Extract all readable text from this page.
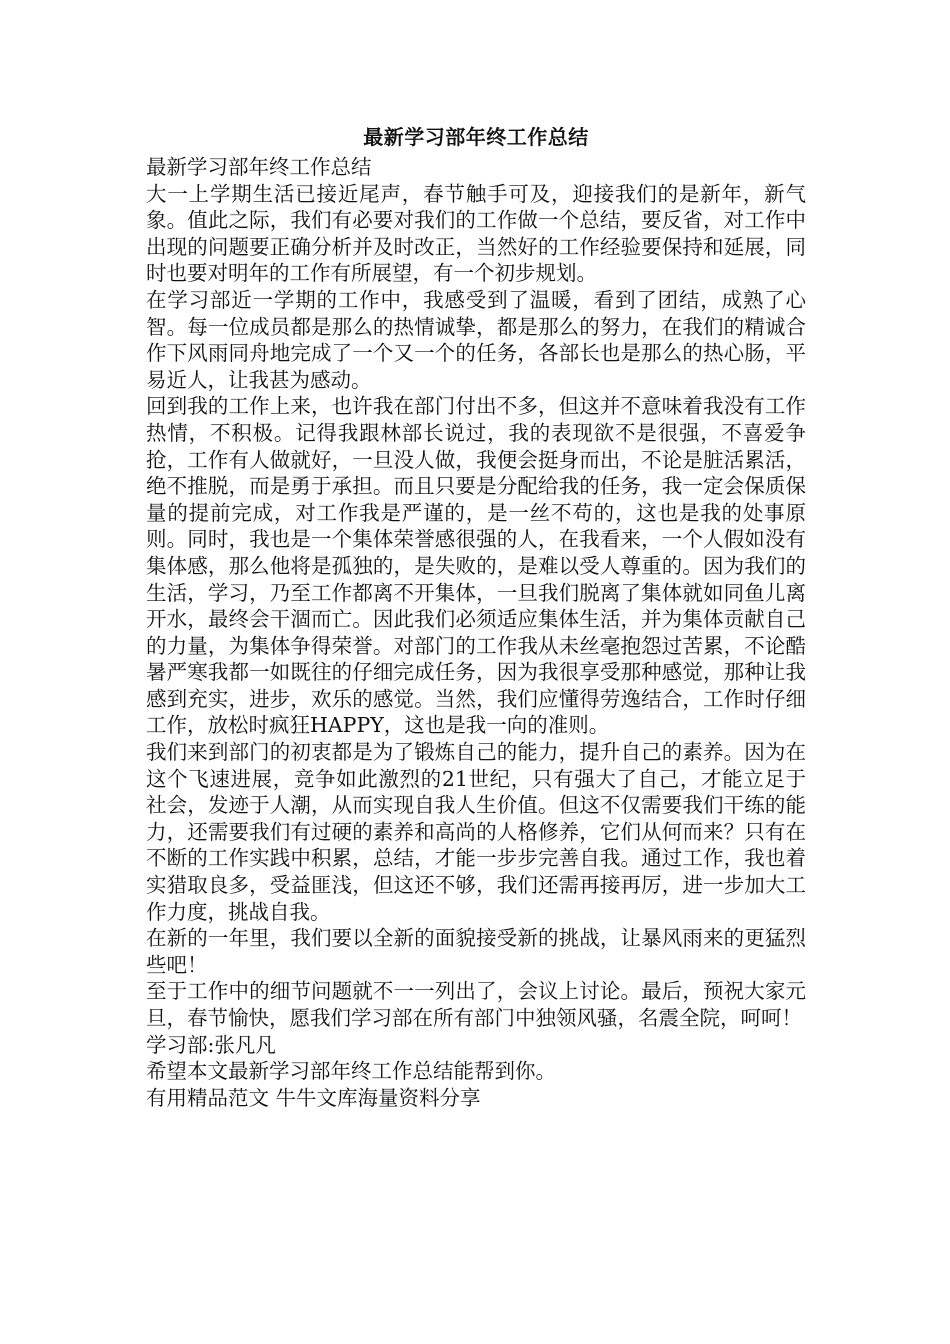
最新学习部年终工作总结

最新学习部年终工作总结

大一上学期生活已接近尾声，春节触手可及，迎接我们的是新年，新气象。值此之际，我们有必要对我们的工作做一个总结，要反省，对工作中出现的问题要正确分析并及时改正，当然好的工作经验要保持和延展，同时也要对明年的工作有所展望，有一个初步规划。

在学习部近一学期的工作中，我感受到了温暖，看到了团结，成熟了心智。每一位成员都是那么的热情诚挚，都是那么的努力，在我们的精诚合作下风雨同舟地完成了一个又一个的任务，各部长也是那么的热心肠，平易近人，让我甚为感动。

回到我的工作上来，也许我在部门付出不多，但这并不意味着我没有工作热情，不积极。记得我跟林部长说过，我的表现欲不是很强，不喜爱争抢，工作有人做就好，一旦没人做，我便会挺身而出，不论是脏活累活，绝不推脱，而是勇于承担。而且只要是分配给我的任务，我一定会保质保量的提前完成，对工作我是严谨的，是一丝不苟的，这也是我的处事原则。同时，我也是一个集体荣誉感很强的人，在我看来，一个人假如没有集体感，那么他将是孤独的，是失败的，是难以受人尊重的。因为我们的生活，学习，乃至工作都离不开集体，一旦我们脱离了集体就如同鱼儿离开水，最终会干涸而亡。因此我们必须适应集体生活，并为集体贡献自己的力量，为集体争得荣誉。对部门的工作我从未丝毫抱怨过苦累，不论酷暑严寒我都一如既往的仔细完成任务，因为我很享受那种感觉，那种让我感到充实，进步，欢乐的感觉。当然，我们应懂得劳逸结合，工作时仔细工作，放松时疯狂HAPPY，这也是我一向的准则。

我们来到部门的初衷都是为了锻炼自己的能力，提升自己的素养。因为在这个飞速进展，竞争如此激烈的21世纪，只有强大了自己，才能立足于社会，发迹于人潮，从而实现自我人生价值。但这不仅需要我们干练的能力，还需要我们有过硬的素养和高尚的人格修养，它们从何而来？只有在不断的工作实践中积累，总结，才能一步步完善自我。通过工作，我也着实猎取良多，受益匪浅，但这还不够，我们还需再接再厉，进一步加大工作力度，挑战自我。

在新的一年里，我们要以全新的面貌接受新的挑战，让暴风雨来的更猛烈些吧！

至于工作中的细节问题就不一一列出了，会议上讨论。最后，预祝大家元旦，春节愉快，愿我们学习部在所有部门中独领风骚，名震全院，呵呵！

学习部:张凡凡

希望本文最新学习部年终工作总结能帮到你。

有用精品范文 牛牛文库海量资料分享
